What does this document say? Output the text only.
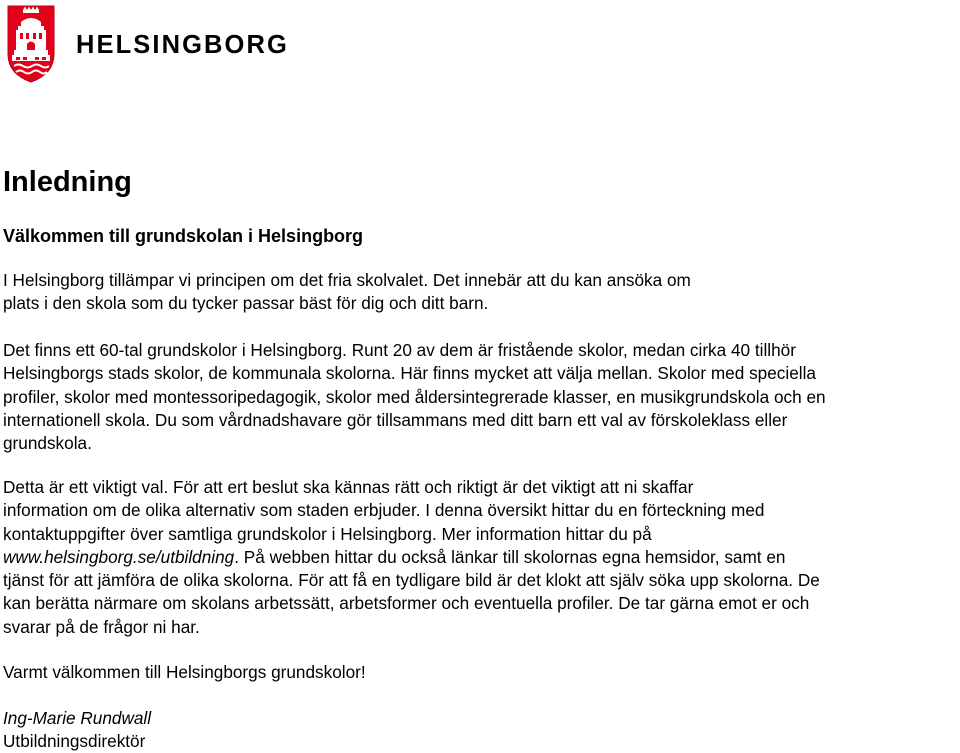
HELSINGBORG
Inledning

Välkommen till grundskolan i Helsingborg

I Helsingborg tillämpar vi principen om det fria skolvalet. Det innebär att du kan ansöka om
plats i den skola som du tycker passar bäst för dig och ditt barn.

Det finns ett 60-tal grundskolor i Helsingborg. Runt 20 av dem är fristående skolor, medan cirka 40 tillhör
Helsingborgs stads skolor, de kommunala skolorna. Här finns mycket att välja mellan. Skolor med speciella
profiler, skolor med montessoripedagogik, skolor med åldersintegrerade klasser, en musikgrundskola och en
internationell skola. Du som vårdnadshavare gör tillsammans med ditt barn ett val av förskoleklass eller
grundskola.

Detta är ett viktigt val. För att ert beslut ska kännas rätt och riktigt är det viktigt att ni skaffar
information om de olika alternativ som staden erbjuder. I denna översikt hittar du en förteckning med
kontaktuppgifter över samtliga grundskolor i Helsingborg. Mer information hittar du på
www.helsingborg.se/utbildning. På webben hittar du också länkar till skolornas egna hemsidor, samt en
tjänst för att jämföra de olika skolorna. För att få en tydligare bild är det klokt att själv söka upp skolorna. De
kan berätta närmare om skolans arbetssätt, arbetsformer och eventuella profiler. De tar gärna emot er och
svarar på de frågor ni har.

Varmt välkommen till Helsingborgs grundskolor!

Ing-Marie Rundwall

Utbildningsdirektör
